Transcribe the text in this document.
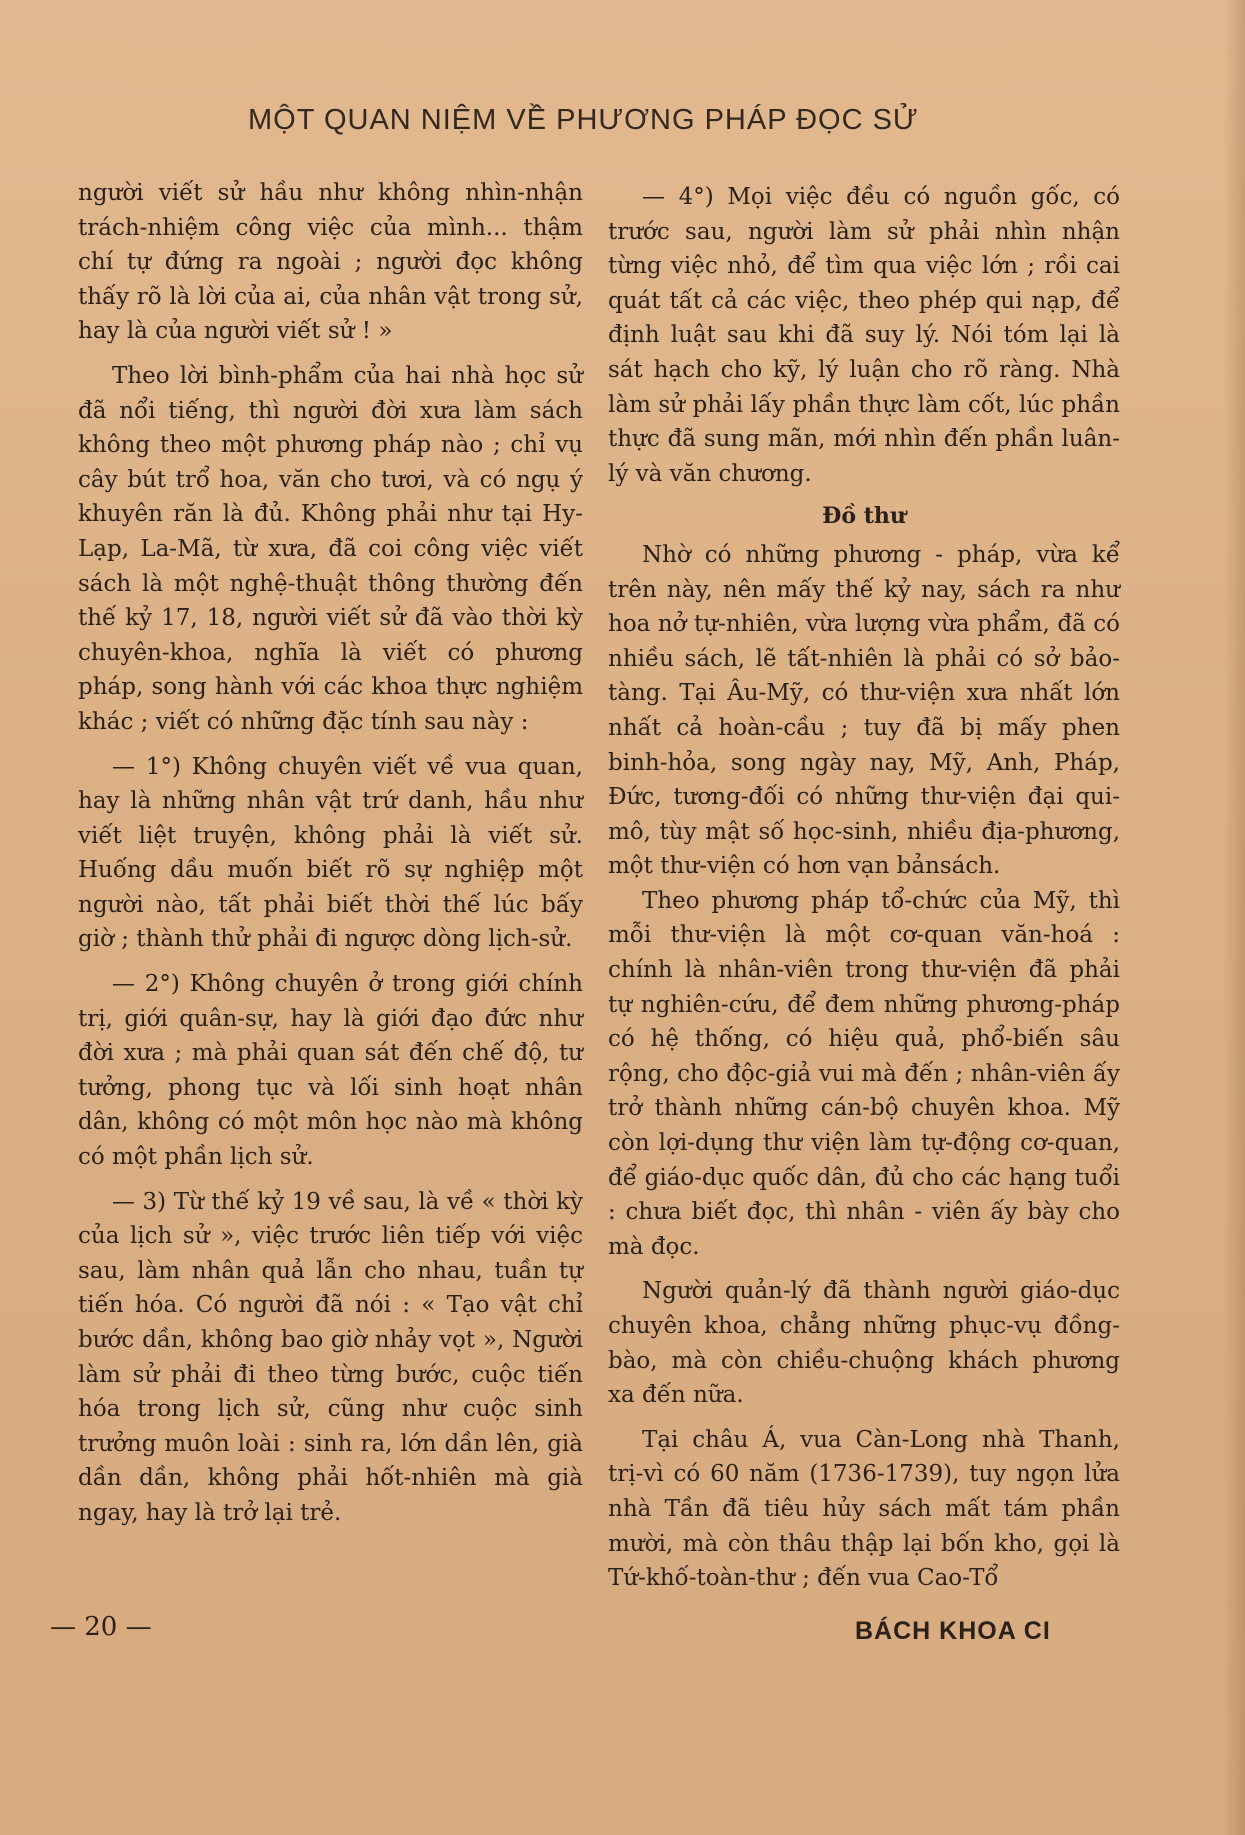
MỘT QUAN NIỆM VỀ PHƯƠNG PHÁP ĐỌC SỬ

người viết sử hầu như không nhìn-nhận trách-nhiệm công việc của mình... thậm chí tự đứng ra ngoài ; người đọc không thấy rõ là lời của ai, của nhân vật trong sử, hay là của người viết sử ! »

Theo lời bình-phẩm của hai nhà học sử đã nổi tiếng, thì người đời xưa làm sách không theo một phương pháp nào ; chỉ vụ cây bút trổ hoa, văn cho tươi, và có ngụ ý khuyên răn là đủ. Không phải như tại Hy-Lạp, La-Mã, từ xưa, đã coi công việc viết sách là một nghệ-thuật thông thường đến thế kỷ 17, 18, người viết sử đã vào thời kỳ chuyên-khoa, nghĩa là viết có phương pháp, song hành với các khoa thực nghiệm khác ; viết có những đặc tính sau này :

— 1°) Không chuyên viết về vua quan, hay là những nhân vật trứ danh, hầu như viết liệt truyện, không phải là viết sử. Huống dầu muốn biết rõ sự nghiệp một người nào, tất phải biết thời thế lúc bấy giờ ; thành thử phải đi ngược dòng lịch-sử.

— 2°) Không chuyên ở trong giới chính trị, giới quân-sự, hay là giới đạo đức như đời xưa ; mà phải quan sát đến chế độ, tư tưởng, phong tục và lối sinh hoạt nhân dân, không có một môn học nào mà không có một phần lịch sử.

— 3) Từ thế kỷ 19 về sau, là về « thời kỳ của lịch sử », việc trước liên tiếp với việc sau, làm nhân quả lẫn cho nhau, tuần tự tiến hóa. Có người đã nói : « Tạo vật chỉ bước dần, không bao giờ nhảy vọt », Người làm sử phải đi theo từng bước, cuộc tiến hóa trong lịch sử, cũng như cuộc sinh trưởng muôn loài : sinh ra, lớn dần lên, già dần dần, không phải hốt-nhiên mà già ngay, hay là trở lại trẻ.

— 4°) Mọi việc đều có nguồn gốc, có trước sau, người làm sử phải nhìn nhận từng việc nhỏ, để tìm qua việc lớn ; rồi cai quát tất cả các việc, theo phép qui nạp, để định luật sau khi đã suy lý. Nói tóm lại là sát hạch cho kỹ, lý luận cho rõ ràng. Nhà làm sử phải lấy phần thực làm cốt, lúc phần thực đã sung mãn, mới nhìn đến phần luân- lý và văn chương.

Đồ thư

Nhờ có những phương - pháp, vừa kể trên này, nên mấy thế kỷ nay, sách ra như hoa nở tự-nhiên, vừa lượng vừa phẩm, đã có nhiều sách, lẽ tất-nhiên là phải có sở bảo-tàng. Tại Âu-Mỹ, có thư-viện xưa nhất lớn nhất cả hoàn-cầu ; tuy đã bị mấy phen binh-hỏa, song ngày nay, Mỹ, Anh, Pháp, Đức, tương-đối có những thư-viện đại qui-mô, tùy mật số học-sinh, nhiều địa-phương, một thư-viện có hơn vạn bảnsách.

Theo phương pháp tổ-chức của Mỹ, thì mỗi thư-viện là một cơ-quan văn-hoá : chính là nhân-viên trong thư-viện đã phải tự nghiên-cứu, để đem những phương-pháp có hệ thống, có hiệu quả, phổ-biến sâu rộng, cho độc-giả vui mà đến ; nhân-viên ấy trở thành những cán-bộ chuyên khoa. Mỹ còn lợi-dụng thư viện làm tự-động cơ-quan, để giáo-dục quốc dân, đủ cho các hạng tuổi : chưa biết đọc, thì nhân - viên ấy bày cho mà đọc.

Người quản-lý đã thành người giáo-dục chuyên khoa, chẳng những phục-vụ đồng-bào, mà còn chiều-chuộng khách phương xa đến nữa.

Tại châu Á, vua Càn-Long nhà Thanh, trị-vì có 60 năm (1736-1739), tuy ngọn lửa nhà Tần đã tiêu hủy sách mất tám phần mười, mà còn thâu thập lại bốn kho, gọi là Tứ-khố-toàn-thư ; đến vua Cao-Tổ

— 20 —	BÁCH KHOA CI
